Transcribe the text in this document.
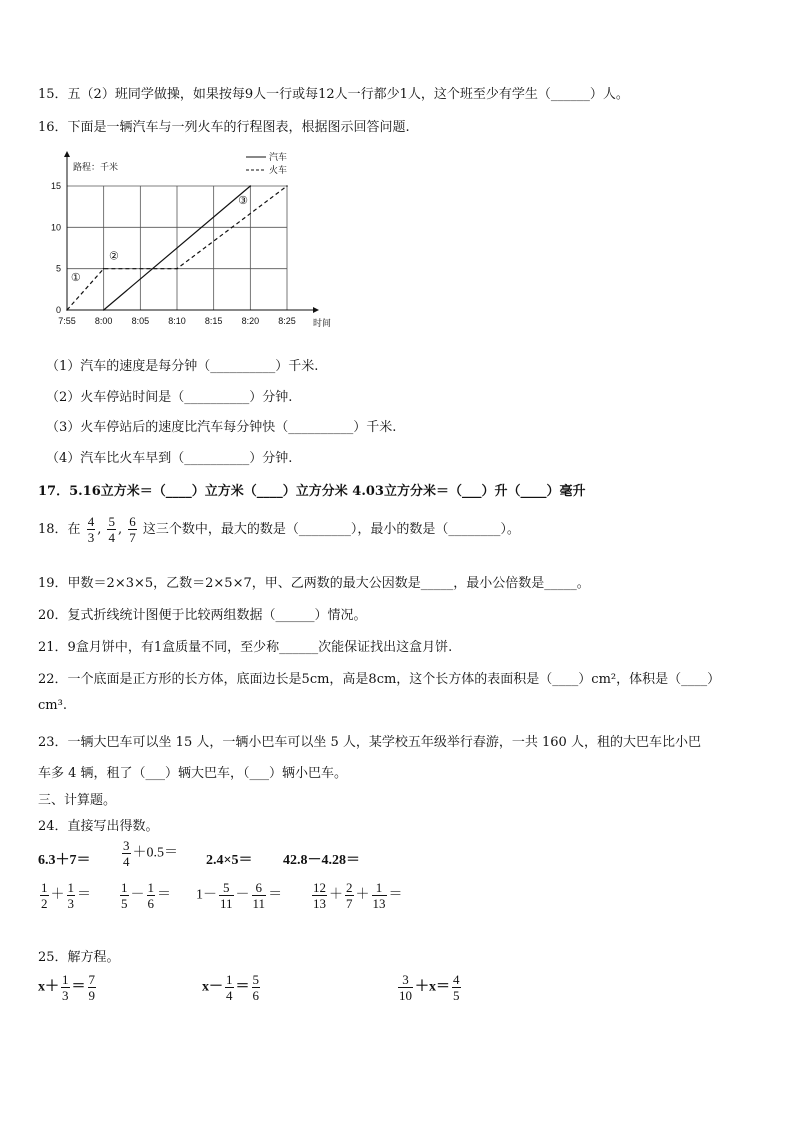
15．五（2）班同学做操，如果按每9人一行或每12人一行都少1人，这个班至少有学生（______）人。
16．下面是一辆汽车与一列火车的行程图表，根据图示回答问题.
7:55 8:00 8:05 8:10 8:15 8:20 8:25
0
5
10
15
路程：千米
时间
汽车
火车
①
②
③
（1）汽车的速度是每分钟（__________）千米.
（2）火车停站时间是（__________）分钟.
（3）火车停站后的速度比汽车每分钟快（__________）千米.
（4）汽车比火车早到（__________）分钟.
17．5.16立方米＝（____）立方米（____）立方分米 4.03立方分米＝（___）升（____）毫升
18．在 $\frac{4}{3}$ , $\frac{5}{4}$ , $\frac{6}{7}$ 这三个数中，最大的数是（________），最小的数是（________）。
19．甲数＝2×3×5，乙数＝2×5×7，甲、乙两数的最大公因数是_____，最小公倍数是_____。
20．复式折线统计图便于比较两组数据（______）情况。
21．9盒月饼中，有1盒质量不同，至少称______次能保证找出这盒月饼.
22．一个底面是正方形的长方体，底面边长是5cm，高是8cm，这个长方体的表面积是（____）cm²，体积是（____）
cm³.
23．一辆大巴车可以坐 15 人，一辆小巴车可以坐 5 人，某学校五年级举行春游，一共 160 人，租的大巴车比小巴
车多 4 辆，租了（___）辆大巴车，（___）辆小巴车。
三、计算题。
24．直接写出得数。
$6.3+7= \frac{3}{4} +0.5= 2.4\times 5= 42.8-4.28=$
$\frac{1}{2} + \frac{1}{3} = \frac{1}{5} - \frac{1}{6} = 1- \frac{5}{11} - \frac{6}{11} = \frac{12}{13} + \frac{2}{7} + \frac{1}{13}$ ＝
25．解方程。
$x+ \frac{1}{3} = \frac{7}{9}$	$x- \frac{1}{4} = \frac{5}{6}$	$\frac{3}{10} +x= \frac{4}{5}$
